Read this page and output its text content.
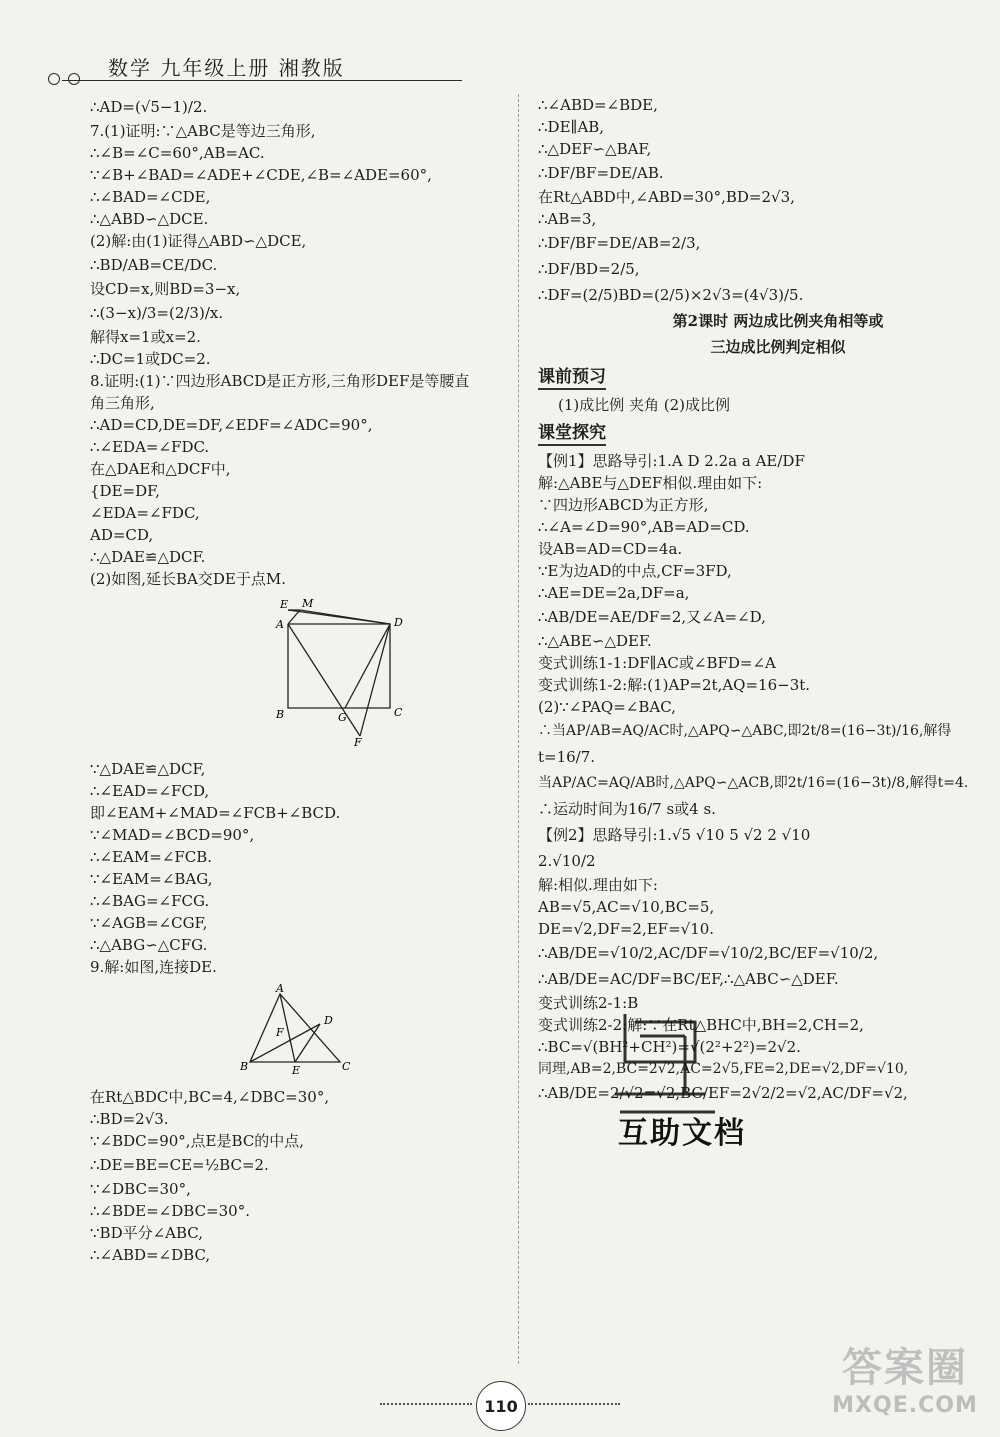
数学 九年级上册 湘教版
∴AD=(√5−1)/2.
7.(1)证明:∵△ABC是等边三角形,
∴∠B=∠C=60°,AB=AC.
∵∠B+∠BAD=∠ADE+∠CDE,∠B=∠ADE=60°,
∴∠BAD=∠CDE,
∴△ABD∽△DCE.
(2)解:由(1)证得△ABD∽△DCE,
∴BD/AB=CE/DC.
设CD=x,则BD=3−x,
∴(3−x)/3=(2/3)/x.
解得x=1或x=2.
∴DC=1或DC=2.
8.证明:(1)∵四边形ABCD是正方形,三角形DEF是等腰直
角三角形,
∴AD=CD,DE=DF,∠EDF=∠ADC=90°,
∴∠EDA=∠FDC.
在△DAE和△DCF中,
{DE=DF,
∠EDA=∠FDC,
AD=CD,
∴△DAE≌△DCF.
(2)如图,延长BA交DE于点M.
E M
A	D
B	G	C
F
∵△DAE≌△DCF,
∴∠EAD=∠FCD,
即∠EAM+∠MAD=∠FCB+∠BCD.
∵∠MAD=∠BCD=90°,
∴∠EAM=∠FCB.
∵∠EAM=∠BAG,
∴∠BAG=∠FCG.
∵∠AGB=∠CGF,
∴△ABG∽△CFG.
9.解:如图,连接DE.
A
F
D
B	E	C
在Rt△BDC中,BC=4,∠DBC=30°,
∴BD=2√3.
∵∠BDC=90°,点E是BC的中点,
∴DE=BE=CE=½BC=2.
∵∠DBC=30°,
∴∠BDE=∠DBC=30°.
∵BD平分∠ABC,
∴∠ABD=∠DBC,
∴∠ABD=∠BDE,
∴DE∥AB,
∴△DEF∽△BAF,
∴DF/BF=DE/AB.
在Rt△ABD中,∠ABD=30°,BD=2√3,
∴AB=3,
∴DF/BF=DE/AB=2/3,
∴DF/BD=2/5,
∴DF=(2/5)BD=(2/5)×2√3=(4√3)/5.
第2课时 两边成比例夹角相等或
三边成比例判定相似
课前预习
(1)成比例 夹角 (2)成比例
课堂探究
【例1】思路导引:1.A D 2.2a a AE/DF
解:△ABE与△DEF相似.理由如下:
∵四边形ABCD为正方形,
∴∠A=∠D=90°,AB=AD=CD.
设AB=AD=CD=4a.
∵E为边AD的中点,CF=3FD,
∴AE=DE=2a,DF=a,
∴AB/DE=AE/DF=2,又∠A=∠D,
∴△ABE∽△DEF.
变式训练1-1:DF∥AC或∠BFD=∠A
变式训练1-2:解:(1)AP=2t,AQ=16−3t.
(2)∵∠PAQ=∠BAC,
∴当AP/AB=AQ/AC时,△APQ∽△ABC,即2t/8=(16−3t)/16,解得
t=16/7.
当AP/AC=AQ/AB时,△APQ∽△ACB,即2t/16=(16−3t)/8,解得t=4.
∴运动时间为16/7 s或4 s.
【例2】思路导引:1.√5 √10 5 √2 2 √10
2.√10/2
解:相似.理由如下:
AB=√5,AC=√10,BC=5,
DE=√2,DF=2,EF=√10.
∴AB/DE=√10/2,AC/DF=√10/2,BC/EF=√10/2,
∴AB/DE=AC/DF=BC/EF,∴△ABC∽△DEF.
变式训练2-1:B
变式训练2-2:解:∵在Rt△BHC中,BH=2,CH=2,
∴BC=√(BH²+CH²)=√(2²+2²)=2√2.
同理,AB=2,BC=2√2,AC=2√5,FE=2,DE=√2,DF=√10,
∴AB/DE=2/√2=√2,BC/EF=2√2/2=√2,AC/DF=√2,
互助文档
110
答案圈
MXQE.COM
